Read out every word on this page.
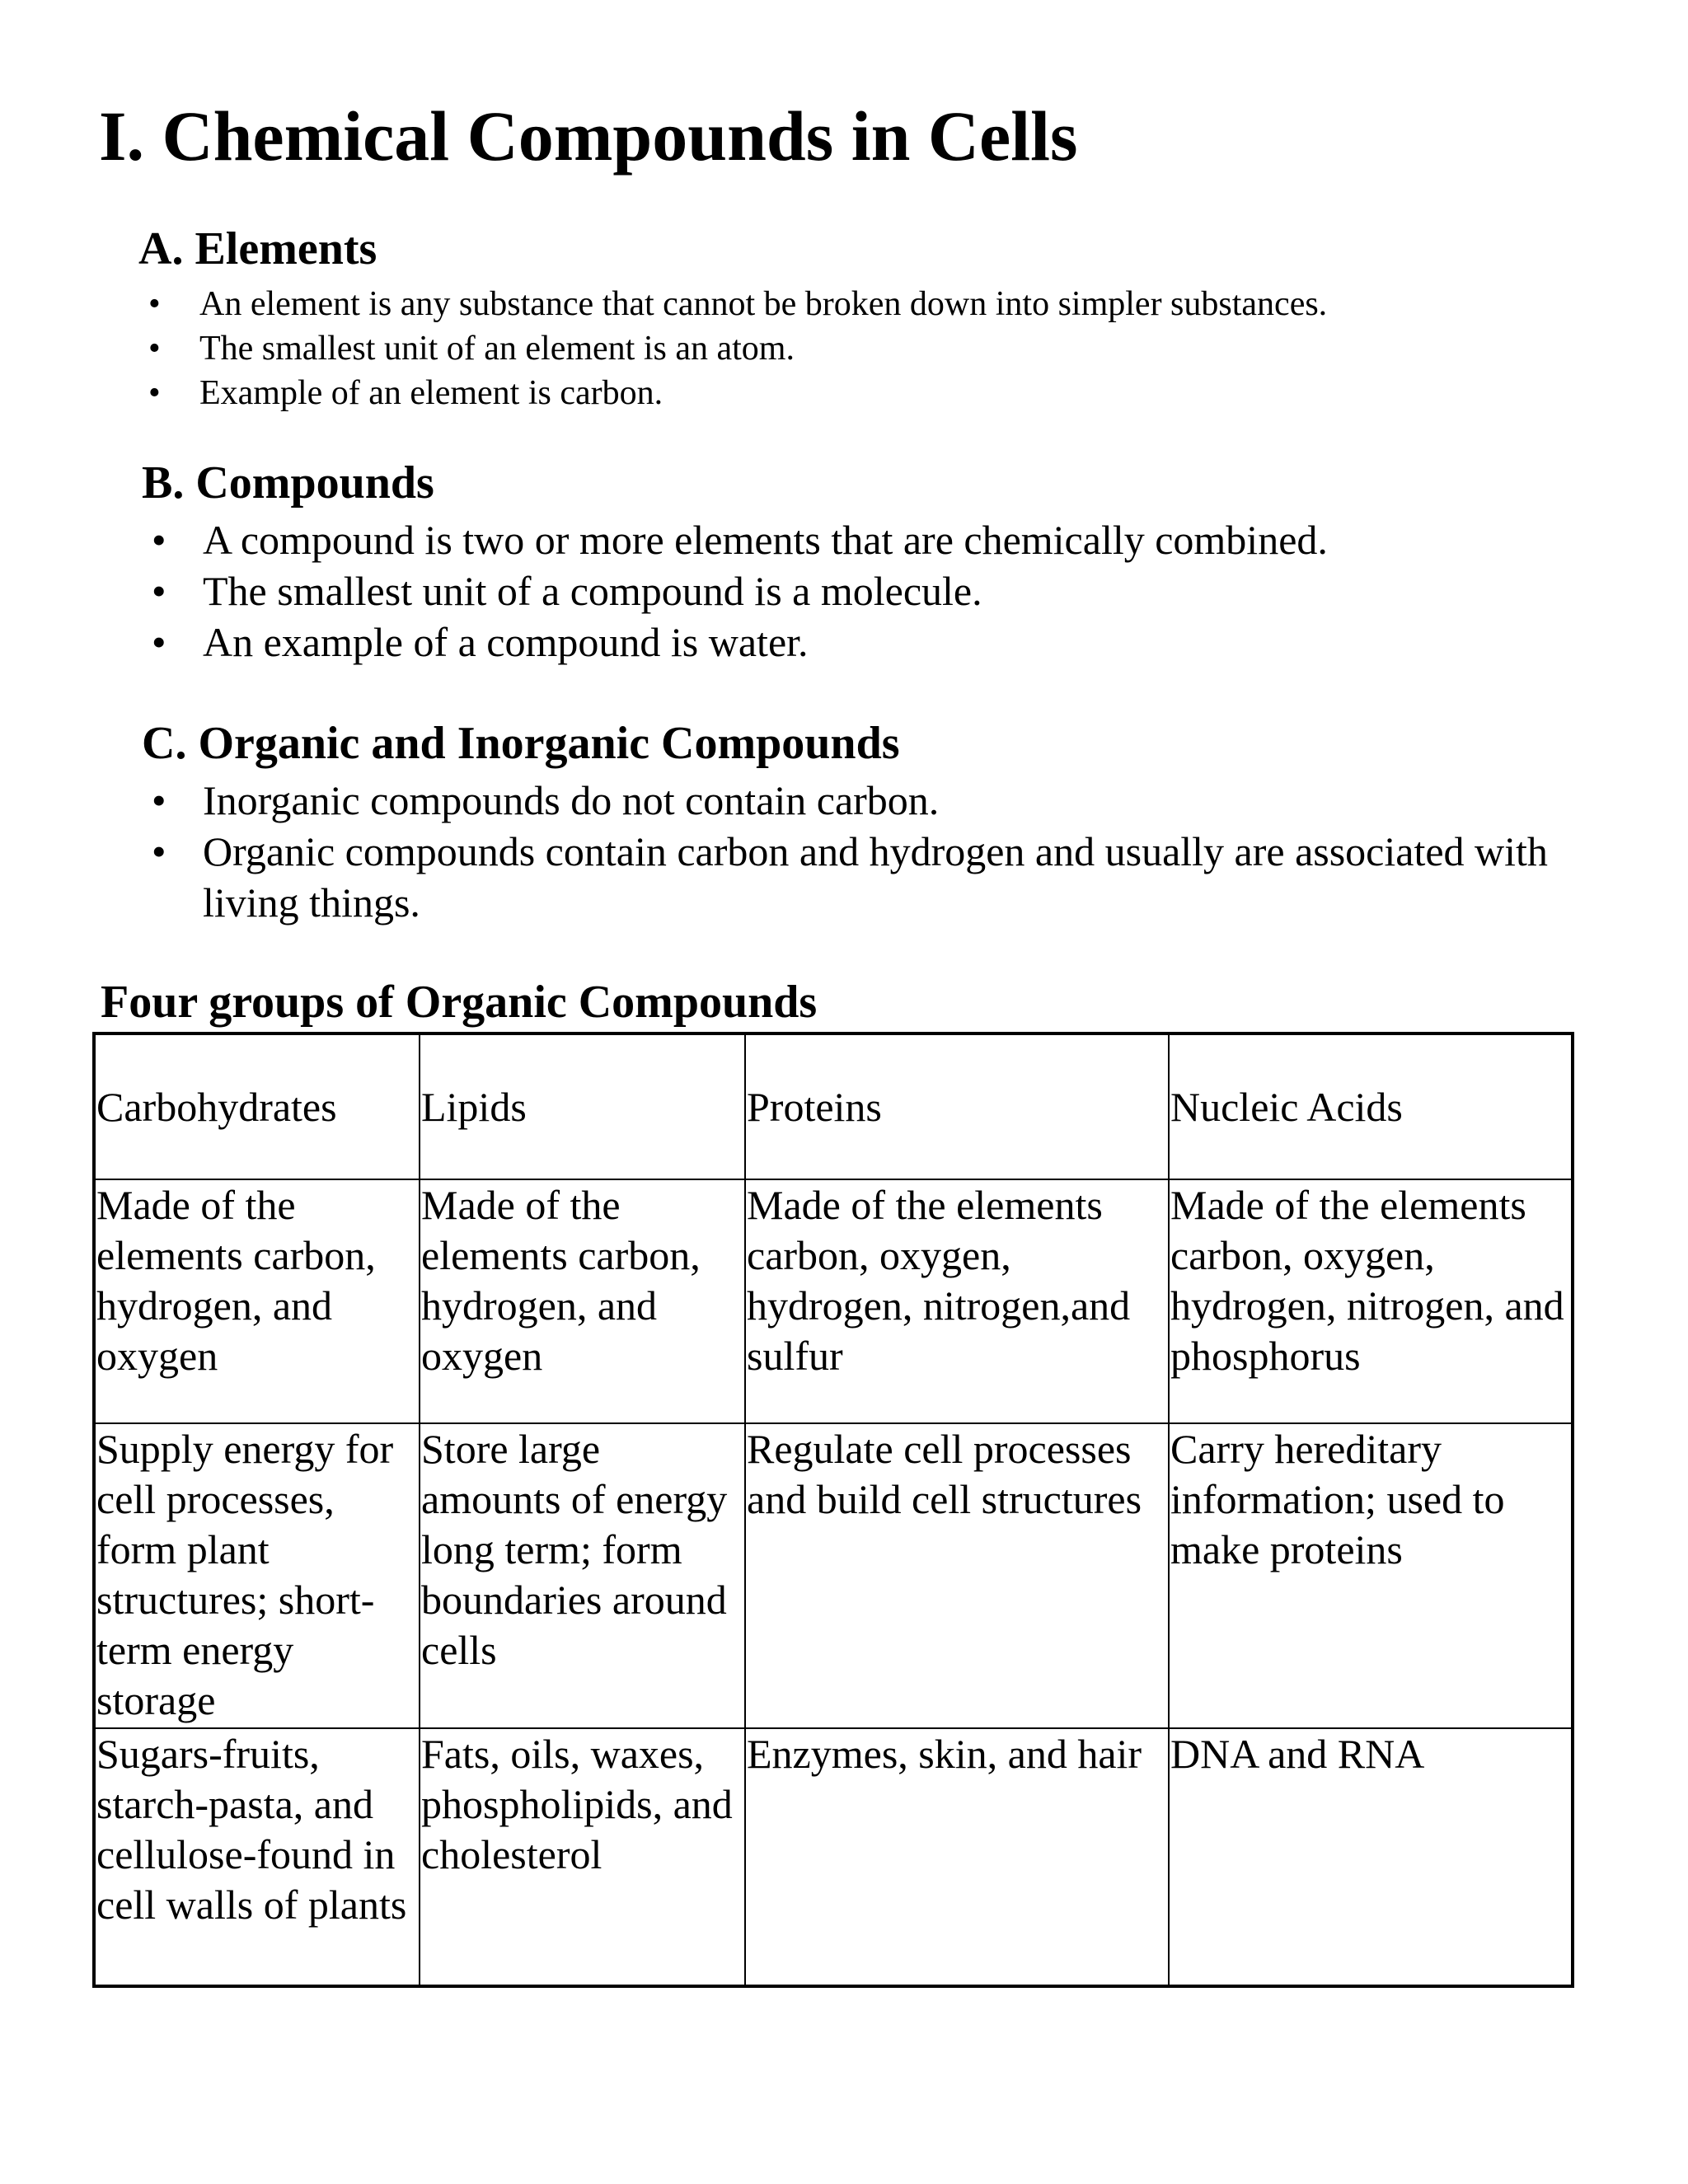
I. Chemical Compounds in Cells
A. Elements
• An element is any substance that cannot be broken down into simpler substances.
• The smallest unit of an element is an atom.
• Example of an element is carbon.
B. Compounds
• A compound is two or more elements that are chemically combined.
• The smallest unit of a compound is a molecule.
• An example of a compound is water.
C. Organic and Inorganic Compounds
• Inorganic compounds do not contain carbon.
• Organic compounds contain carbon and hydrogen and usually are associated with living things.
Four groups of Organic Compounds
Carbohydrates	Lipids	Proteins	Nucleic Acids
Made of the elements carbon, hydrogen, and oxygen	Made of the elements carbon, hydrogen, and oxygen	Made of the elements carbon, oxygen, hydrogen, nitrogen,and sulfur	Made of the elements carbon, oxygen, hydrogen, nitrogen, and phosphorus
Supply energy for cell processes, form plant structures; short-term energy storage	Store large amounts of energy long term; form boundaries around cells	Regulate cell processes and build cell structures	Carry hereditary information; used to make proteins
Sugars-fruits, starch-pasta, and cellulose-found in cell walls of plants	Fats, oils, waxes, phospholipids, and cholesterol	Enzymes, skin, and hair	DNA and RNA
